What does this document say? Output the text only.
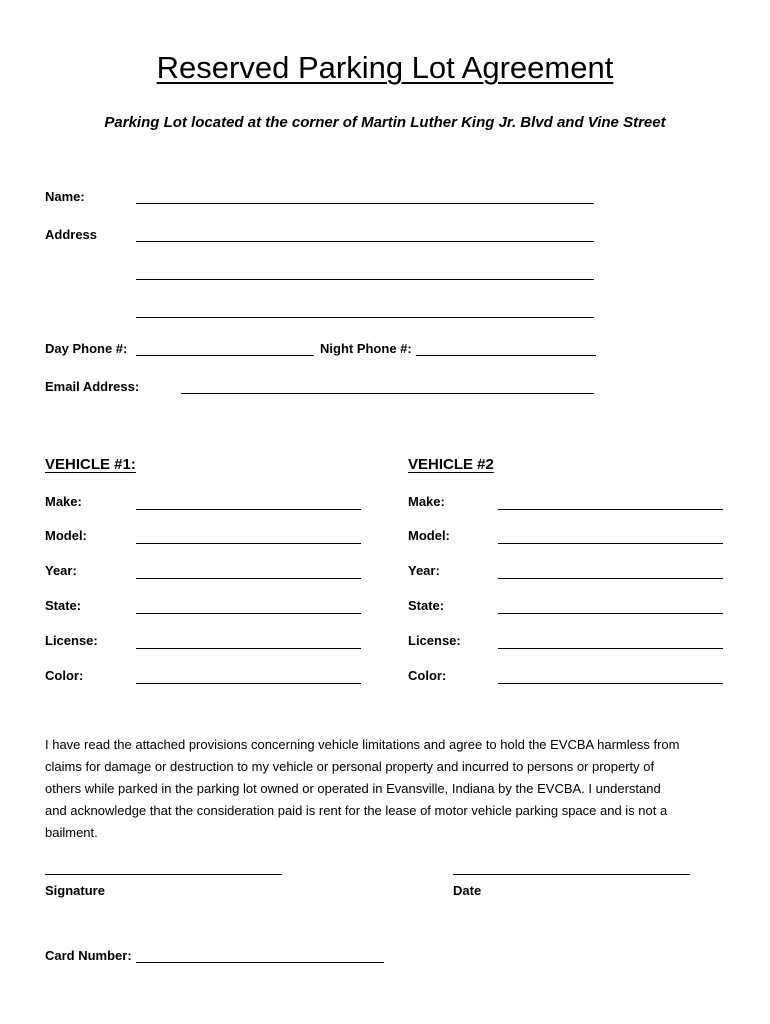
Reserved Parking Lot Agreement
Parking Lot located at the corner of Martin Luther King Jr. Blvd and Vine Street
Name:
Address
Day Phone #:	Night Phone #:
Email Address:
VEHICLE #1:
Make:
Model:
Year:
State:
License:
Color:
VEHICLE #2
Make:
Model:
Year:
State:
License:
Color:
I have read the attached provisions concerning vehicle limitations and agree to hold the EVCBA harmless from
claims for damage or destruction to my vehicle or personal property and incurred to persons or property of
others while parked in the parking lot owned or operated in Evansville, Indiana by the EVCBA. I understand
and acknowledge that the consideration paid is rent for the lease of motor vehicle parking space and is not a
bailment.
Signature	Date
Card Number:
